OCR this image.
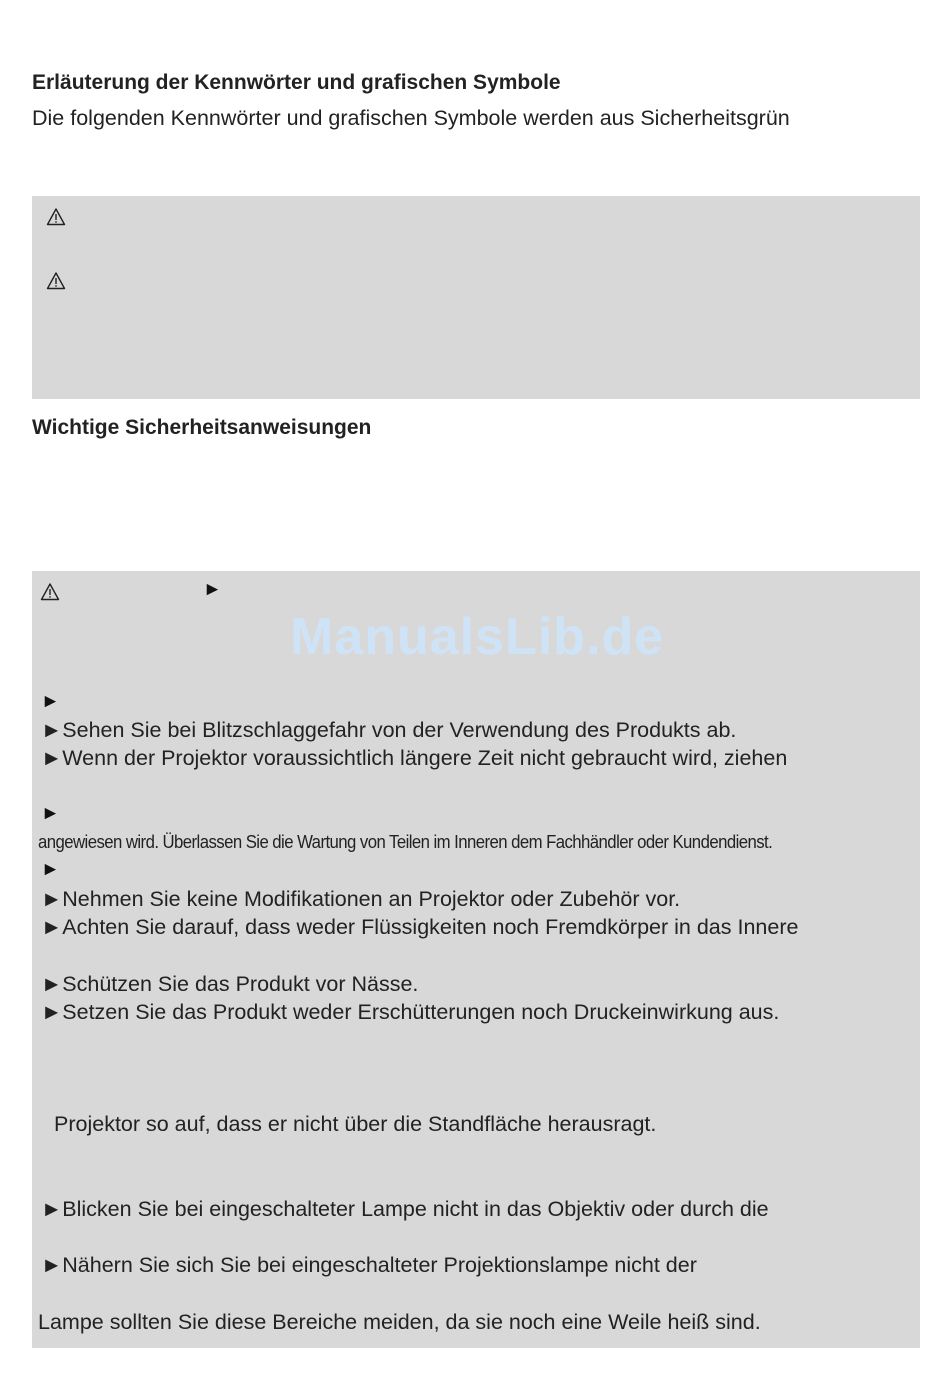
Erläuterung der Kennwörter und grafischen Symbole
Die folgenden Kennwörter und grafischen Symbole werden aus Sicherheitsgrün
Wichtige Sicherheitsanweisungen
►
ManualsLib.de
►
►Sehen Sie bei Blitzschlaggefahr von der Verwendung des Produkts ab.
►Wenn der Projektor voraussichtlich längere Zeit nicht gebraucht wird, ziehen
►
angewiesen wird. Überlassen Sie die Wartung von Teilen im Inneren dem Fachhändler oder Kundendienst.
►
►Nehmen Sie keine Modifikationen an Projektor oder Zubehör vor.
►Achten Sie darauf, dass weder Flüssigkeiten noch Fremdkörper in das Innere
►Schützen Sie das Produkt vor Nässe.
►Setzen Sie das Produkt weder Erschütterungen noch Druckeinwirkung aus.
Projektor so auf, dass er nicht über die Standfläche herausragt.
►Blicken Sie bei eingeschalteter Lampe nicht in das Objektiv oder durch die
►Nähern Sie sich Sie bei eingeschalteter Projektionslampe nicht der
Lampe sollten Sie diese Bereiche meiden, da sie noch eine Weile heiß sind.
